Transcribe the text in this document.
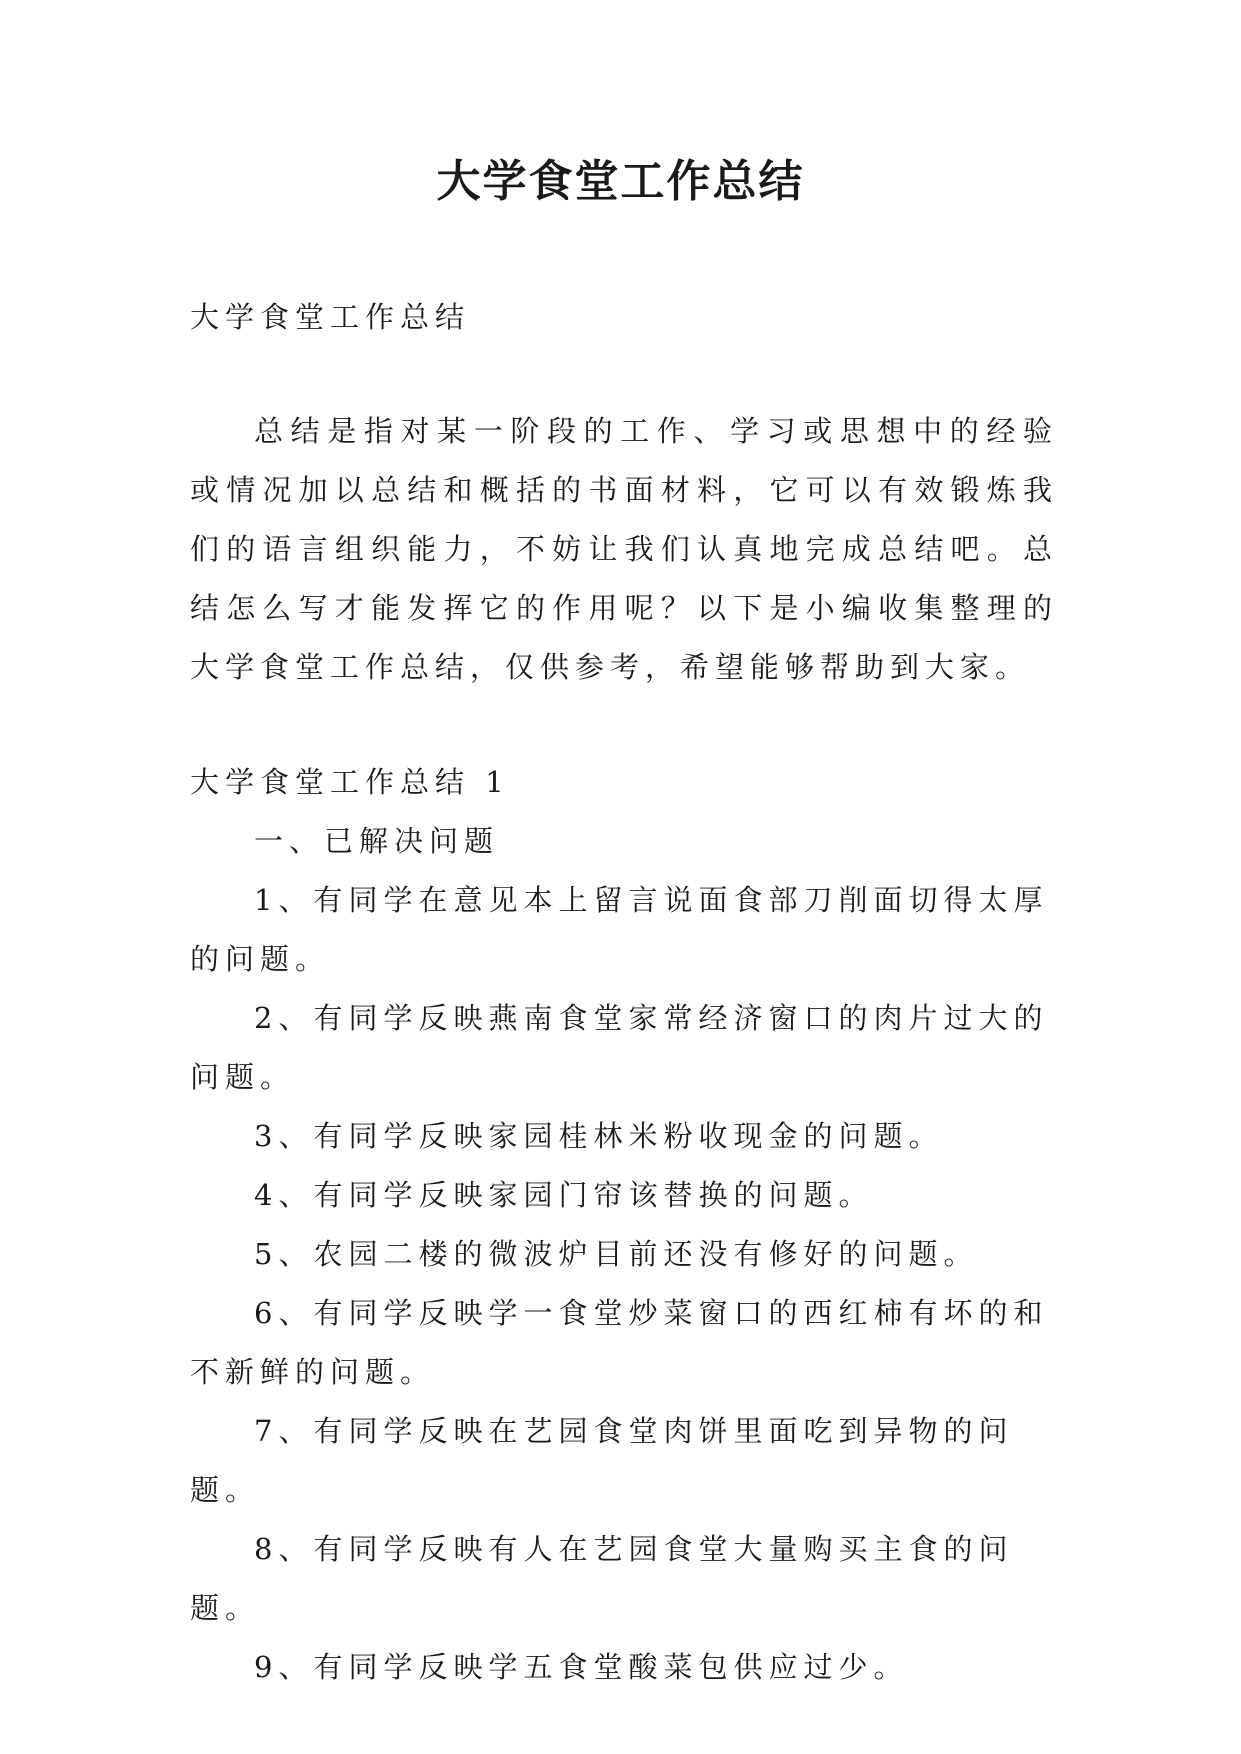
大学食堂工作总结

大学食堂工作总结

总结是指对某一阶段的工作、学习或思想中的经验或情况加以总结和概括的书面材料，它可以有效锻炼我们的语言组织能力，不妨让我们认真地完成总结吧。总结怎么写才能发挥它的作用呢？以下是小编收集整理的大学食堂工作总结，仅供参考，希望能够帮助到大家。

大学食堂工作总结 1

一、已解决问题

1、有同学在意见本上留言说面食部刀削面切得太厚的问题。

2、有同学反映燕南食堂家常经济窗口的肉片过大的问题。

3、有同学反映家园桂林米粉收现金的问题。

4、有同学反映家园门帘该替换的问题。

5、农园二楼的微波炉目前还没有修好的问题。

6、有同学反映学一食堂炒菜窗口的西红柿有坏的和不新鲜的问题。

7、有同学反映在艺园食堂肉饼里面吃到异物的问题。

8、有同学反映有人在艺园食堂大量购买主食的问题。

9、有同学反映学五食堂酸菜包供应过少。
